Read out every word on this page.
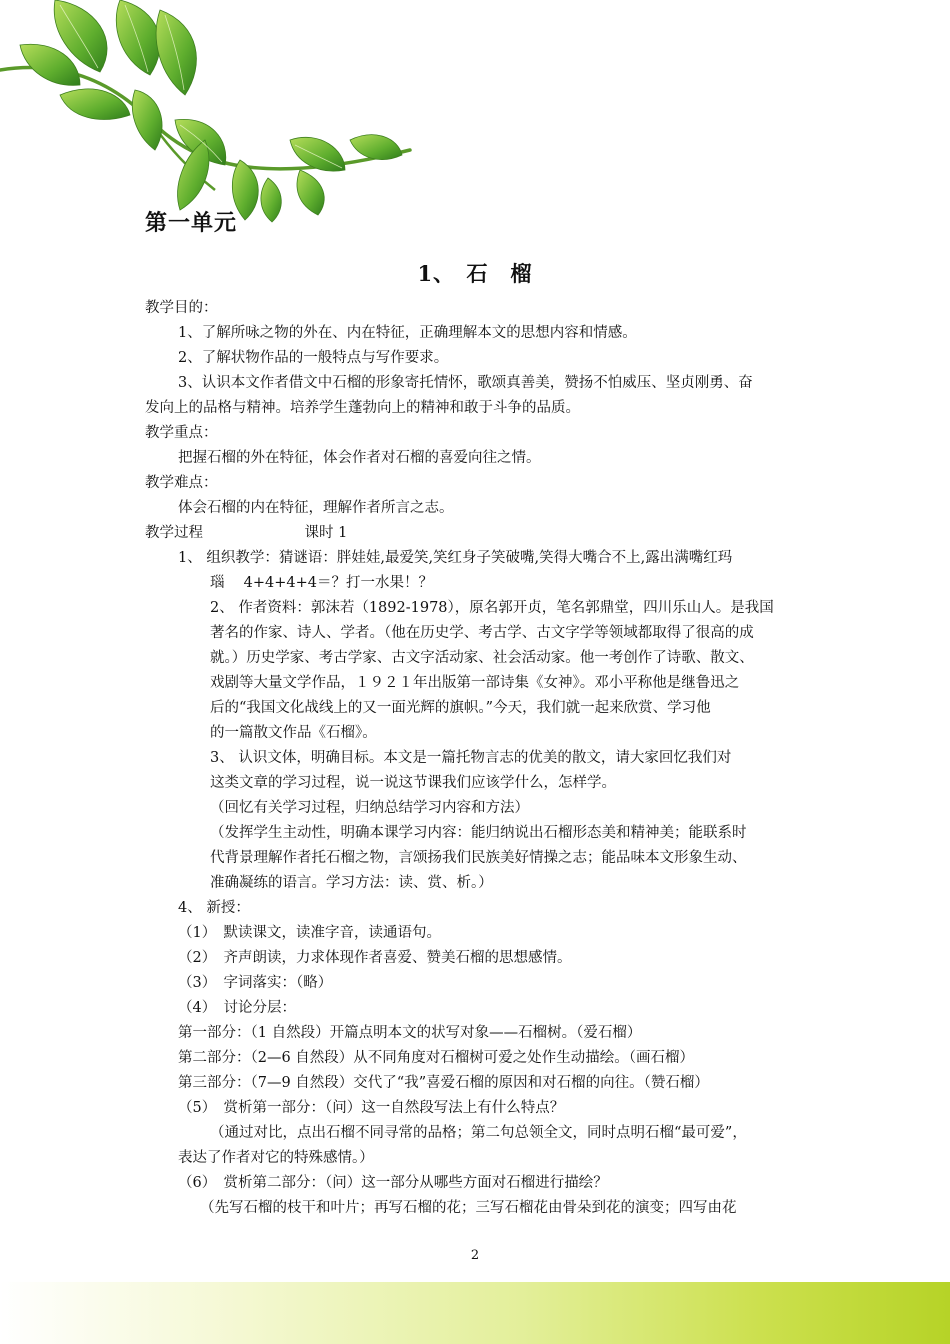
第一单元
1、　石　榴
教学目的：
1、了解所咏之物的外在、内在特征，正确理解本文的思想内容和情感。
2、了解状物作品的一般特点与写作要求。
3、认识本文作者借文中石榴的形象寄托情怀，歌颂真善美，赞扬不怕威压、坚贞刚勇、奋
发向上的品格与精神。培养学生蓬勃向上的精神和敢于斗争的品质。
教学重点：
把握石榴的外在特征，体会作者对石榴的喜爱向往之情。
教学难点：
体会石榴的内在特征，理解作者所言之志。
教学过程　　　　　　　课时 1
1、 组织教学：猜谜语：胖娃娃,最爱笑,笑红身子笑破嘴,笑得大嘴合不上,露出满嘴红玛
瑙　 4+4+4+4＝？打一水果！？
2、 作者资料：郭沫若（1892-1978），原名郭开贞，笔名郭鼎堂，四川乐山人。是我国
著名的作家、诗人、学者。（他在历史学、考古学、古文字学等领域都取得了很高的成
就。）历史学家、考古学家、古文字活动家、社会活动家。他一考创作了诗歌、散文、
戏剧等大量文学作品，１９２１年出版第一部诗集《女神》。邓小平称他是继鲁迅之
后的“我国文化战线上的又一面光辉的旗帜。”今天，我们就一起来欣赏、学习他
的一篇散文作品《石榴》。
3、 认识文体，明确目标。本文是一篇托物言志的优美的散文，请大家回忆我们对
这类文章的学习过程，说一说这节课我们应该学什么，怎样学。
（回忆有关学习过程，归纳总结学习内容和方法）
（发挥学生主动性，明确本课学习内容：能归纳说出石榴形态美和精神美；能联系时
代背景理解作者托石榴之物，言颂扬我们民族美好情操之志；能品味本文形象生动、
准确凝练的语言。学习方法：读、赏、析。）
4、 新授：
（1）　默读课文，读准字音，读通语句。
（2）　齐声朗读，力求体现作者喜爱、赞美石榴的思想感情。
（3）　字词落实：（略）
（4）　讨论分层：
第一部分：（1 自然段）开篇点明本文的状写对象——石榴树。（爱石榴）
第二部分：（2—6 自然段）从不同角度对石榴树可爱之处作生动描绘。（画石榴）
第三部分：（7—9 自然段）交代了“我”喜爱石榴的原因和对石榴的向往。（赞石榴）
（5）　赏析第一部分：（问）这一自然段写法上有什么特点？
（通过对比，点出石榴不同寻常的品格；第二句总领全文，同时点明石榴“最可爱”，
表达了作者对它的特殊感情。）
（6）　赏析第二部分：（问）这一部分从哪些方面对石榴进行描绘？
（先写石榴的枝干和叶片；再写石榴的花；三写石榴花由骨朵到花的演变；四写由花
2
